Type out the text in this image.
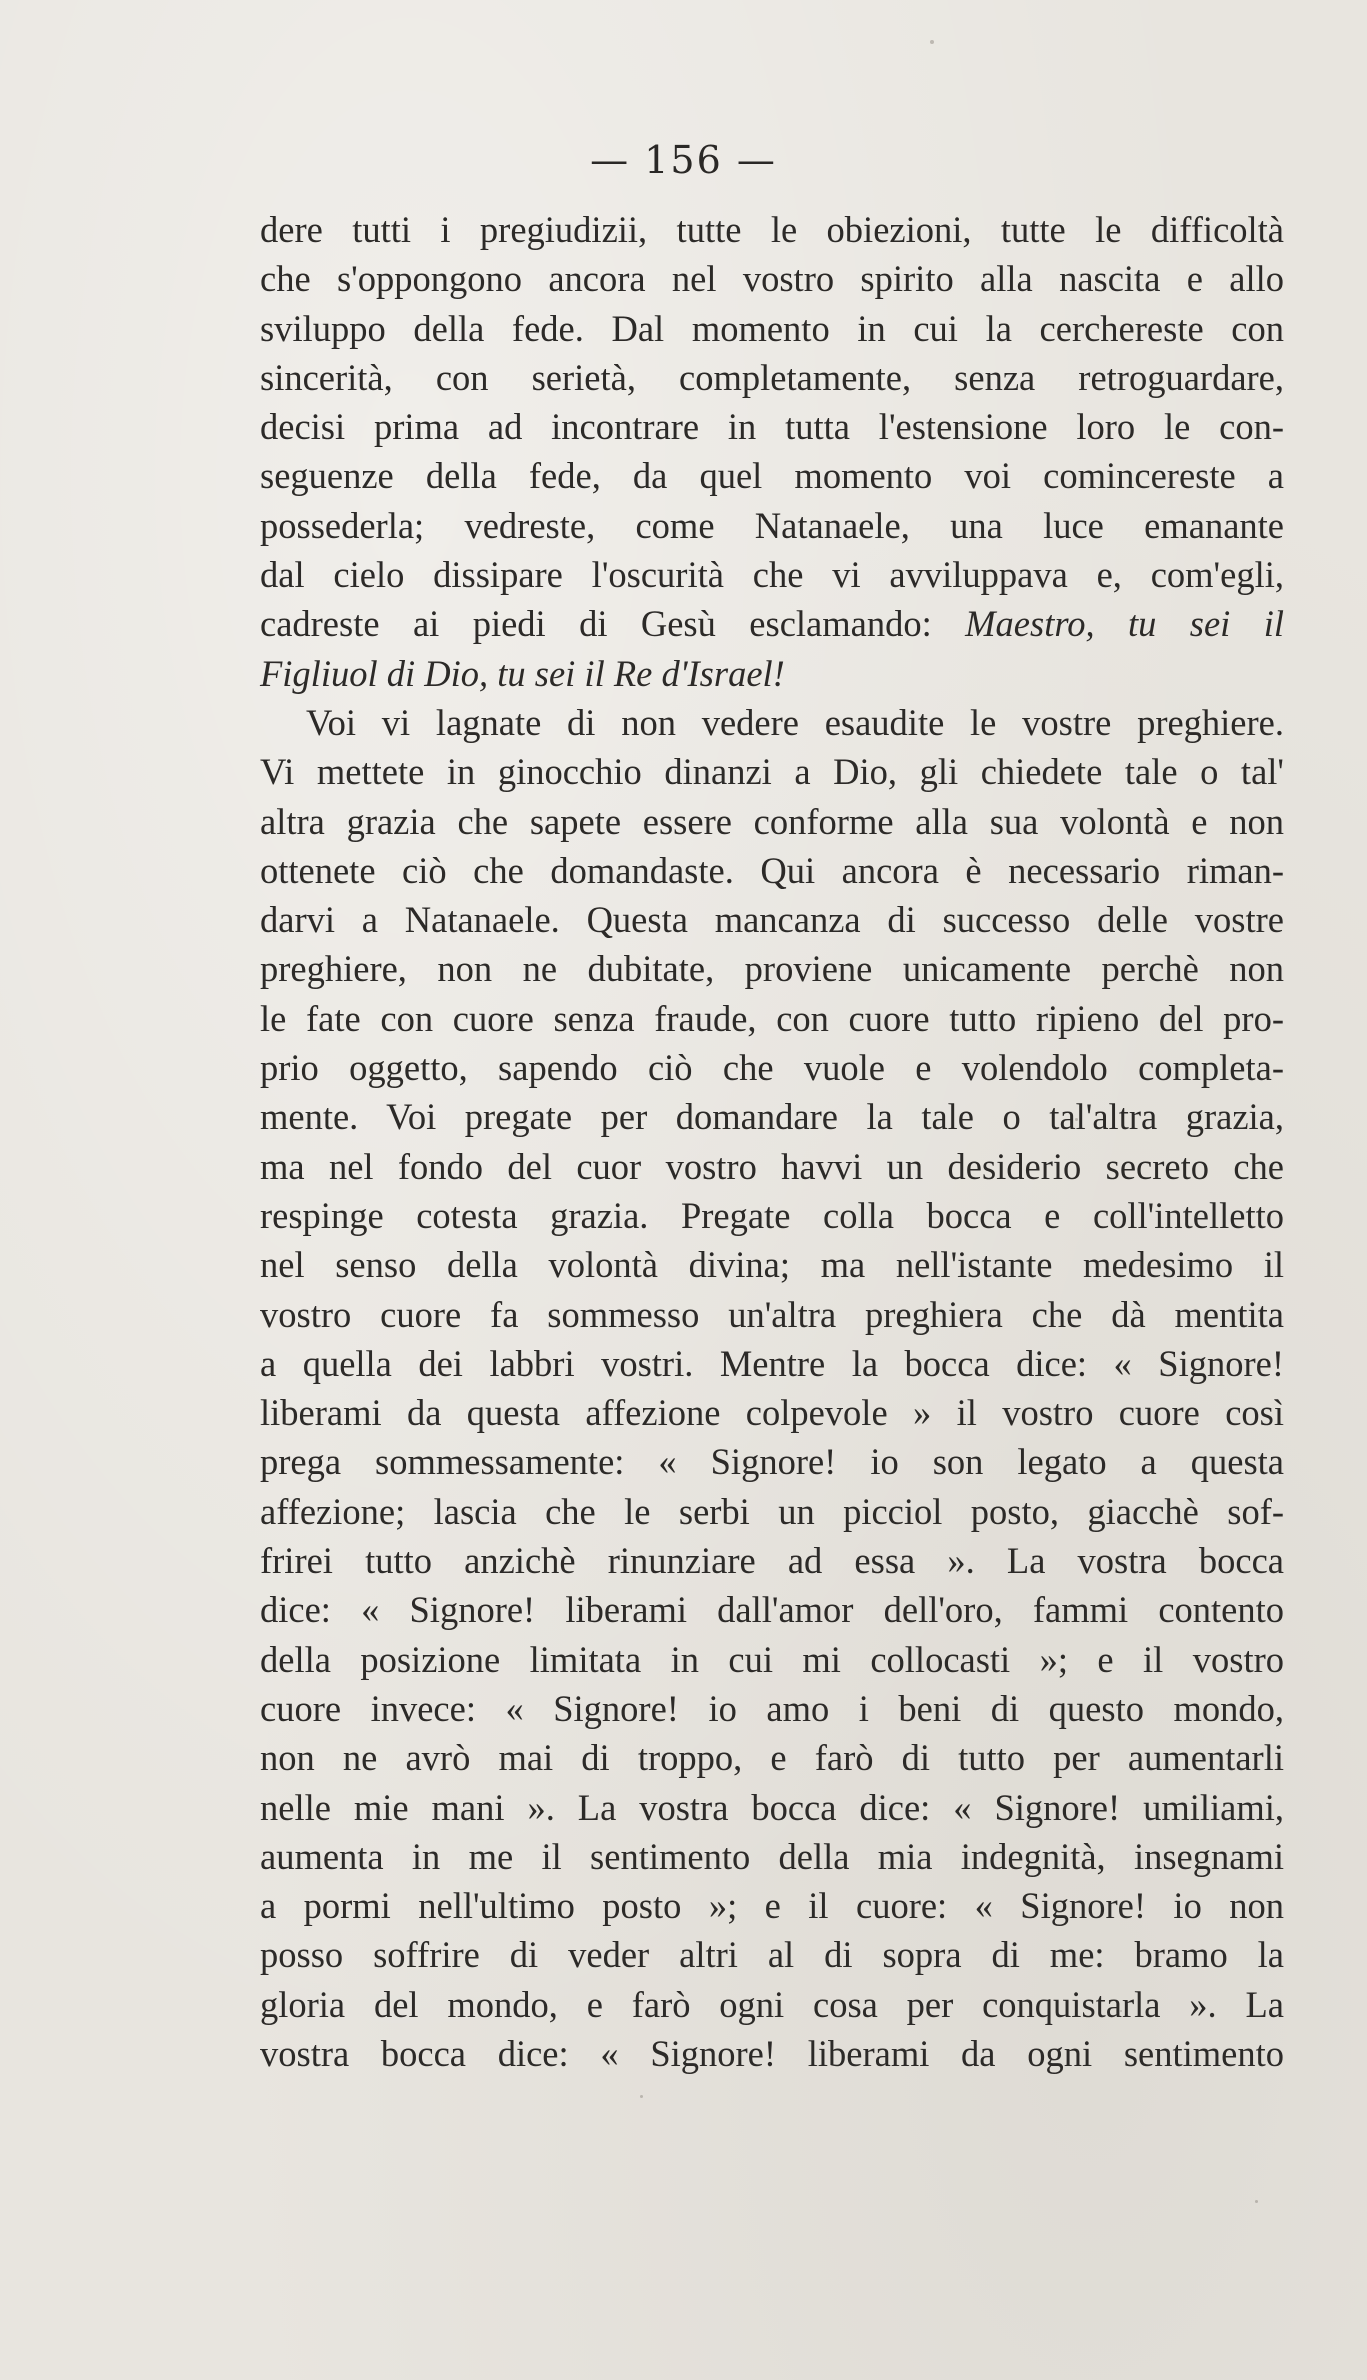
— 156 —
dere tutti i pregiudizii, tutte le obiezioni, tutte le difficoltà
che s'oppongono ancora nel vostro spirito alla nascita e allo
sviluppo della fede. Dal momento in cui la cerchereste con
sincerità, con serietà, completamente, senza retroguardare,
decisi prima ad incontrare in tutta l'estensione loro le con-
seguenze della fede, da quel momento voi comincereste a
possederla; vedreste, come Natanaele, una luce emanante
dal cielo dissipare l'oscurità che vi avviluppava e, com'egli,
cadreste ai piedi di Gesù esclamando: Maestro, tu sei il
Figliuol di Dio, tu sei il Re d'Israel!
Voi vi lagnate di non vedere esaudite le vostre preghiere.
Vi mettete in ginocchio dinanzi a Dio, gli chiedete tale o tal'
altra grazia che sapete essere conforme alla sua volontà e non
ottenete ciò che domandaste. Qui ancora è necessario riman-
darvi a Natanaele. Questa mancanza di successo delle vostre
preghiere, non ne dubitate, proviene unicamente perchè non
le fate con cuore senza fraude, con cuore tutto ripieno del pro-
prio oggetto, sapendo ciò che vuole e volendolo completa-
mente. Voi pregate per domandare la tale o tal'altra grazia,
ma nel fondo del cuor vostro havvi un desiderio secreto che
respinge cotesta grazia. Pregate colla bocca e coll'intelletto
nel senso della volontà divina; ma nell'istante medesimo il
vostro cuore fa sommesso un'altra preghiera che dà mentita
a quella dei labbri vostri. Mentre la bocca dice: « Signore!
liberami da questa affezione colpevole » il vostro cuore così
prega sommessamente: « Signore! io son legato a questa
affezione; lascia che le serbi un picciol posto, giacchè sof-
frirei tutto anzichè rinunziare ad essa ». La vostra bocca
dice: « Signore! liberami dall'amor dell'oro, fammi contento
della posizione limitata in cui mi collocasti »; e il vostro
cuore invece: « Signore! io amo i beni di questo mondo,
non ne avrò mai di troppo, e farò di tutto per aumentarli
nelle mie mani ». La vostra bocca dice: « Signore! umiliami,
aumenta in me il sentimento della mia indegnità, insegnami
a pormi nell'ultimo posto »; e il cuore: « Signore! io non
posso soffrire di veder altri al di sopra di me: bramo la
gloria del mondo, e farò ogni cosa per conquistarla ». La
vostra bocca dice: « Signore! liberami da ogni sentimento
